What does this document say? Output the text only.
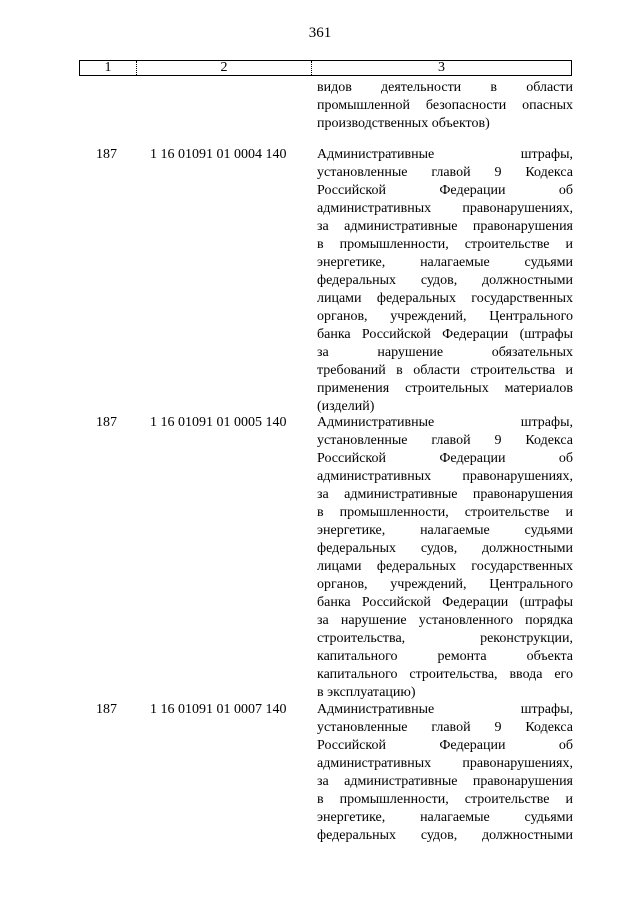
361
1	2	3
видов деятельности в области
промышленной безопасности опасных
производственных объектов)
187	1 16 01091 01 0004 140	Административные	штрафы,
установленные главой 9 Кодекса
Российской	Федерации	об
административных правонарушениях,
за административные правонарушения
в промышленности, строительстве и
энергетике, налагаемые судьями
федеральных судов, должностными
лицами федеральных государственных
органов, учреждений, Центрального
банка Российской Федерации (штрафы
за	нарушение	обязательных
требований в области строительства и
применения строительных материалов
(изделий)
187	1 16 01091 01 0005 140	Административные	штрафы,
установленные главой 9 Кодекса
Российской	Федерации	об
административных правонарушениях,
за административные правонарушения
в промышленности, строительстве и
энергетике, налагаемые судьями
федеральных судов, должностными
лицами федеральных государственных
органов, учреждений, Центрального
банка Российской Федерации (штрафы
за нарушение установленного порядка
строительства,	реконструкции,
капитального	ремонта	объекта
капитального строительства, ввода его
в эксплуатацию)
187	1 16 01091 01 0007 140	Административные	штрафы,
установленные главой 9 Кодекса
Российской	Федерации	об
административных правонарушениях,
за административные правонарушения
в промышленности, строительстве и
энергетике, налагаемые судьями
федеральных судов, должностными
